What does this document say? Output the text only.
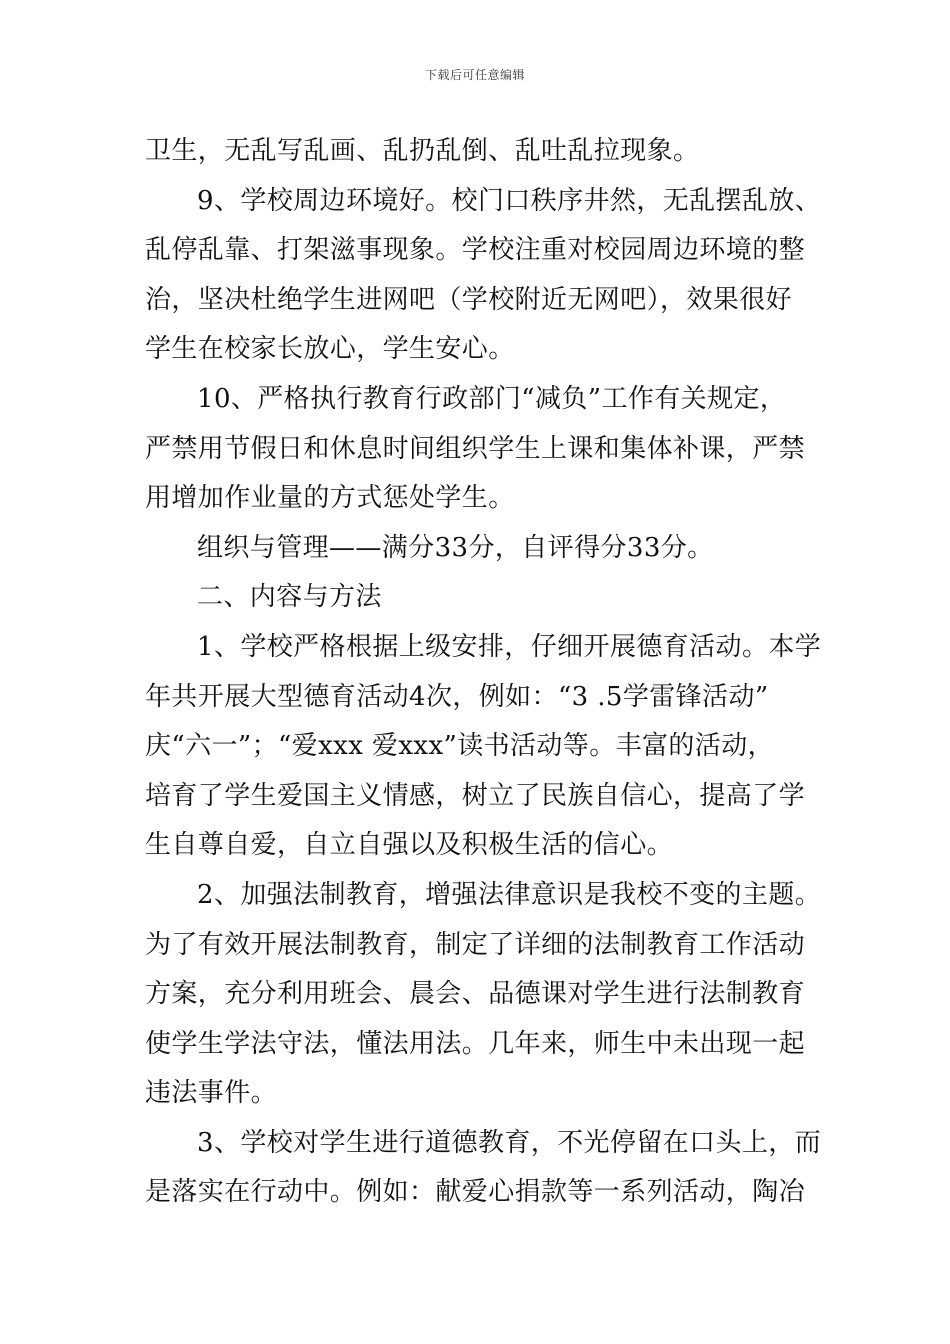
下载后可任意编辑
卫生，无乱写乱画、乱扔乱倒、乱吐乱拉现象。
9、学校周边环境好。校门口秩序井然，无乱摆乱放、
乱停乱靠、打架滋事现象。学校注重对校园周边环境的整
治，坚决杜绝学生进网吧（学校附近无网吧），效果很好
学生在校家长放心，学生安心。
10、严格执行教育行政部门“减负”工作有关规定，
严禁用节假日和休息时间组织学生上课和集体补课，严禁
用增加作业量的方式惩处学生。
组织与管理——满分33分，自评得分33分。
二、内容与方法
1、学校严格根据上级安排，仔细开展德育活动。本学
年共开展大型德育活动4次，例如：“3 .5学雷锋活动”
庆“六一”；“爱xxx 爱xxx”读书活动等。丰富的活动，
培育了学生爱国主义情感，树立了民族自信心，提高了学
生自尊自爱，自立自强以及积极生活的信心。
2、加强法制教育，增强法律意识是我校不变的主题。
为了有效开展法制教育，制定了详细的法制教育工作活动
方案，充分利用班会、晨会、品德课对学生进行法制教育
使学生学法守法，懂法用法。几年来，师生中未出现一起
违法事件。
3、学校对学生进行道德教育，不光停留在口头上，而
是落实在行动中。例如：献爱心捐款等一系列活动，陶冶
